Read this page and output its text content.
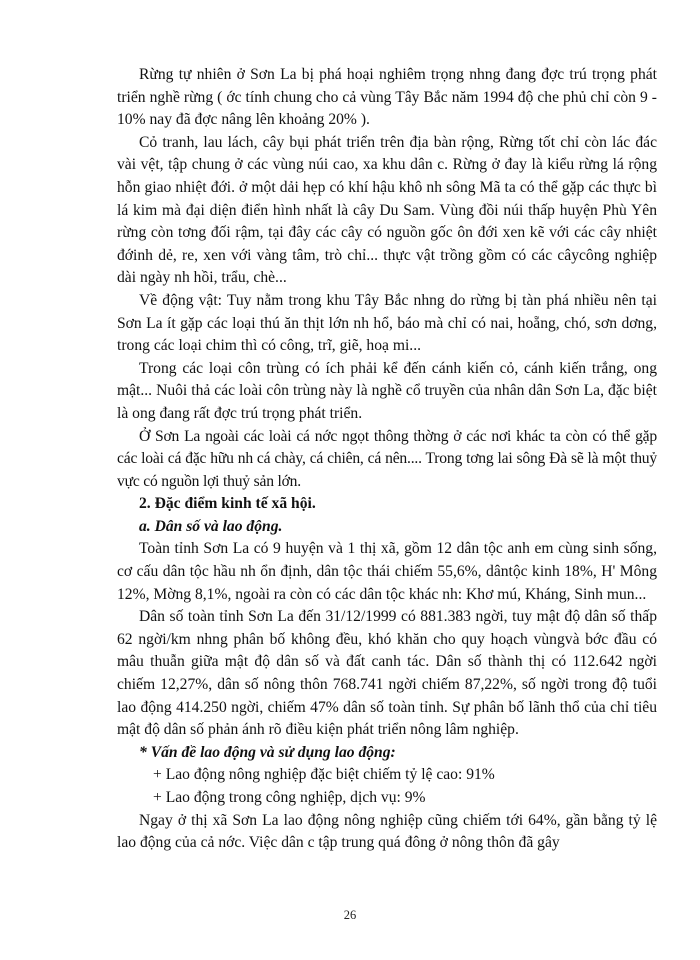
Rừng tự nhiên ở Sơn La bị phá hoại nghiêm trọng nhng đang đợc trú trọng phát triển nghề rừng ( ớc tính chung cho cả vùng Tây Bắc năm 1994 độ che phủ chỉ còn 9 - 10% nay đã đợc nâng lên khoảng 20% ).

Cỏ tranh, lau lách, cây bụi phát triển trên địa bàn rộng, Rừng tốt chỉ còn lác đác vài vệt, tập chung ở các vùng núi cao, xa khu dân c. Rừng ở đay là kiểu rừng lá rộng hỗn giao nhiệt đới. ở một dải hẹp có khí hậu khô nh sông Mã ta có thể gặp các thực bì lá kim mà đại diện điển hình nhất là cây Du Sam. Vùng đồi núi thấp huyện Phù Yên rừng còn tơng đối rậm, tại đây các cây có nguồn gốc ôn đới xen kẽ với các cây nhiệt đớinh dẻ, re, xen với vàng tâm, trò chỉ... thực vật trồng gồm có các câycông nghiệp dài ngày nh hồi, trẩu, chè...

Về động vật: Tuy nằm trong khu Tây Bắc nhng do rừng bị tàn phá nhiều nên tại Sơn La ít gặp các loại thú ăn thịt lớn nh hổ, báo mà chỉ có nai, hoẵng, chó, sơn dơng, trong các loại chim thì có công, trĩ, giẽ, hoạ mi...

Trong các loại côn trùng có ích phải kể đến cánh kiến cỏ, cánh kiến trắng, ong mật... Nuôi thả các loài côn trùng này là nghề cổ truyền của nhân dân Sơn La, đặc biệt là ong đang rất đợc trú trọng phát triển.

Ở Sơn La ngoài các loài cá nớc ngọt thông thờng ở các nơi khác ta còn có thể gặp các loài cá đặc hữu nh cá chày, cá chiên, cá nên.... Trong tơng lai sông Đà sẽ là một thuỷ vực có nguồn lợi thuỷ sản lớn.

2. Đặc điểm kinh tế xã hội.

a. Dân số và lao động.

Toàn tỉnh Sơn La có 9 huyện và 1 thị xã, gồm 12 dân tộc anh em cùng sinh sống, cơ cấu dân tộc hầu nh ổn định, dân tộc thái chiếm 55,6%, dântộc kinh 18%, H' Mông 12%, Mờng 8,1%, ngoài ra còn có các dân tộc khác nh: Khơ mú, Kháng, Sinh mun...

Dân số toàn tỉnh Sơn La đến 31/12/1999 có 881.383 ngời, tuy mật độ dân số thấp 62 ngời/km nhng phân bố không đều, khó khăn cho quy hoạch vùngvà bớc đầu có mâu thuẫn giữa mật độ dân số và đất canh tác. Dân số thành thị có 112.642 ngời chiếm 12,27%, dân số nông thôn 768.741 ngời chiếm 87,22%, số ngời trong độ tuổi lao động 414.250 ngời, chiếm 47% dân số toàn tỉnh. Sự phân bố lãnh thổ của chỉ tiêu mật độ dân số phản ánh rõ điều kiện phát triển nông lâm nghiệp.

* Vấn đề lao động và sử dụng lao động:

+ Lao động nông nghiệp đặc biệt chiếm tỷ lệ cao: 91%

+ Lao động trong công nghiệp, dịch vụ: 9%

Ngay ở thị xã Sơn La lao động nông nghiệp cũng chiếm tới 64%, gần bằng tỷ lệ lao động của cả nớc. Việc dân c tập trung quá đông ở nông thôn đã gây

26
